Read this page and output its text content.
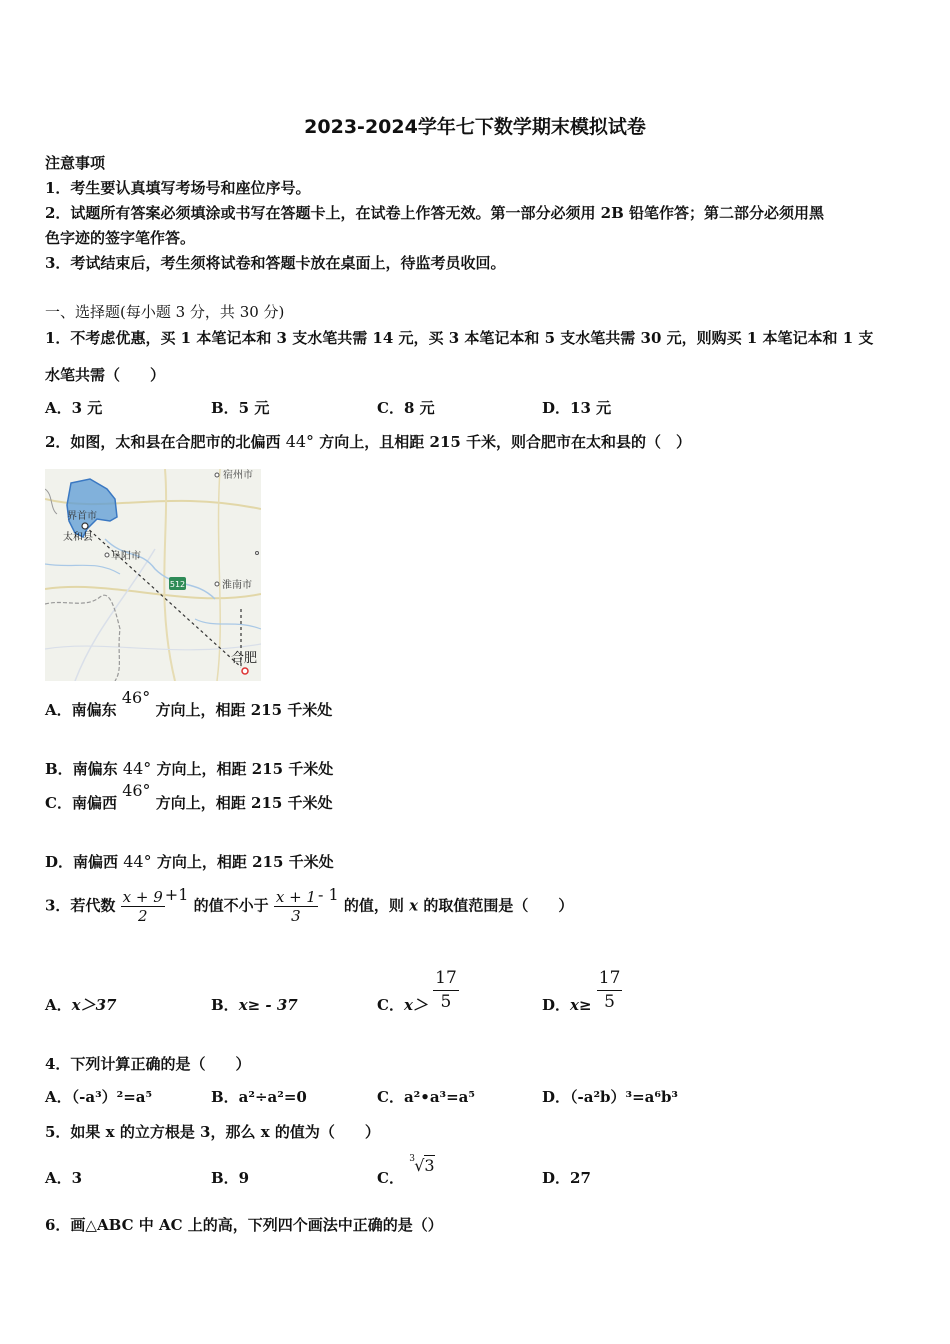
2023-2024学年七下数学期末模拟试卷
注意事项
1．考生要认真填写考场号和座位序号。
2．试题所有答案必须填涂或书写在答题卡上，在试卷上作答无效。第一部分必须用 2B 铅笔作答；第二部分必须用黑
色字迹的签字笔作答。
3．考试结束后，考生须将试卷和答题卡放在桌面上，待监考员收回。
一、选择题(每小题 3 分，共 30 分)
1．不考虑优惠，买 1 本笔记本和 3 支水笔共需 14 元，买 3 本笔记本和 5 支水笔共需 30 元，则购买 1 本笔记本和 1 支
水笔共需（　　）
A．3 元	B．5 元	C．8 元	D．13 元
2．如图，太和县在合肥市的北偏西 44° 方向上，且相距 215 千米，则合肥市在太和县的（　）
512
宿州市
界首市
太和县
阜阳市
淮南市
合肥
A．南偏东 46° 方向上，相距 215 千米处
B．南偏东 44° 方向上，相距 215 千米处
C．南偏西 46° 方向上，相距 215 千米处
D．南偏西 44° 方向上，相距 215 千米处
3．若代数 $\frac{x + 9}{2} +1$ 的值不小于 $\frac{x + 1}{3} - 1$ 的值，则 x 的取值范围是（　　）
A．x＞37	B．x≥ - 37	C．$x> \frac{17}{5}$	D．$x\ge \frac{17}{5}$
4．下列计算正确的是（　　）
A．（-a³）²=a⁵	B．a²÷a²=0	C．a²•a³=a⁵	D．（-a²b）³=a⁶b³
5．如果 x 的立方根是 3，那么 x 的值为（　　）
A．3	B．9	C．
3 √3
D．27
6．画△ABC 中 AC 上的高，下列四个画法中正确的是（）
